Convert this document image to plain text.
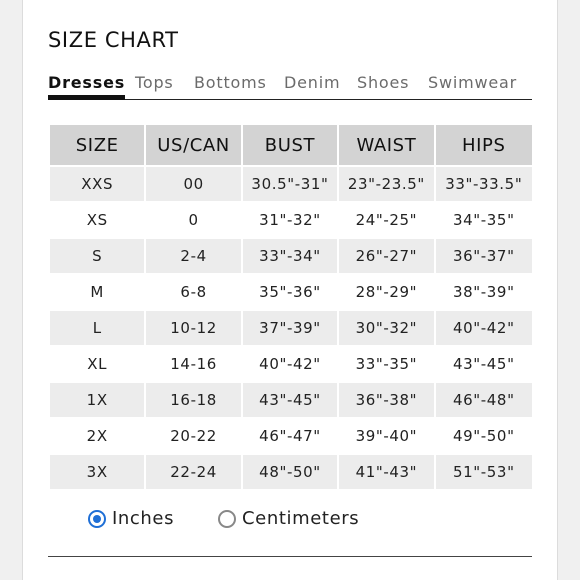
SIZE CHART
Dresses Tops Bottoms Denim Shoes Swimwear
SIZE	US/CAN	BUST	WAIST	HIPS
XXS	00	30.5"-31"	23"-23.5"	33"-33.5"
XS	0	31"-32"	24"-25"	34"-35"
S	2-4	33"-34"	26"-27"	36"-37"
M	6-8	35"-36"	28"-29"	38"-39"
L	10-12	37"-39"	30"-32"	40"-42"
XL	14-16	40"-42"	33"-35"	43"-45"
1X	16-18	43"-45"	36"-38"	46"-48"
2X	20-22	46"-47"	39"-40"	49"-50"
3X	22-24	48"-50"	41"-43"	51"-53"
Inches	Centimeters
